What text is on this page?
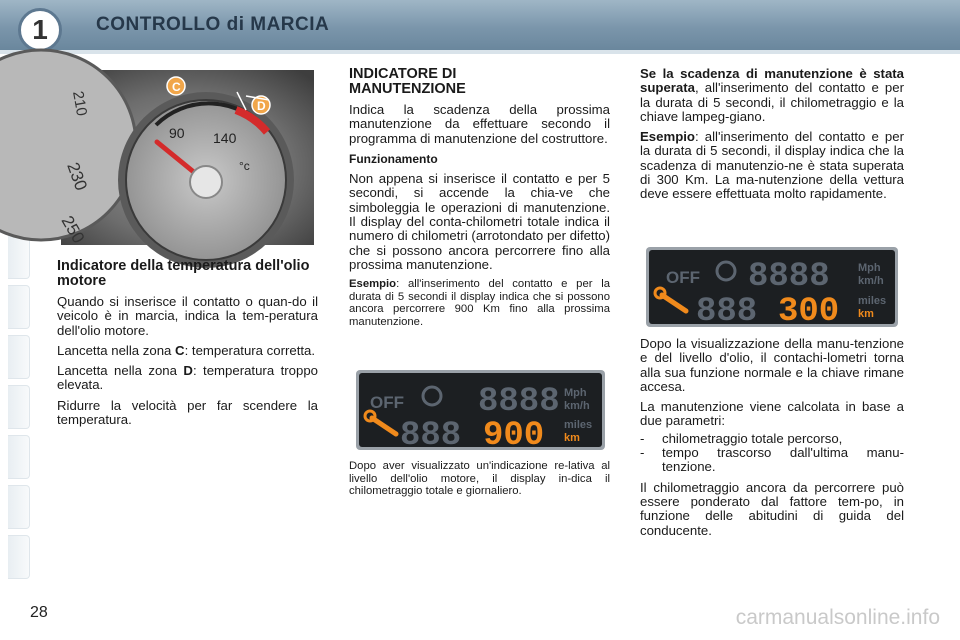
1	CONTROLLO di MARCIA
210
230
250
90 140
°c
C
D
Indicatore della temperatura dell'olio motore

Quando si inserisce il contatto o quan-do il veicolo è in marcia, indica la tem-peratura dell'olio motore.

Lancetta nella zona C: temperatura corretta.

Lancetta nella zona D: temperatura troppo elevata.

Ridurre la velocità per far scendere la temperatura.

INDICATORE DI MANUTENZIONE

Indica la scadenza della prossima manutenzione da effettuare secondo il programma di manutenzione del costruttore.

Funzionamento

Non appena si inserisce il contatto e per 5 secondi, si accende la chia-ve che simboleggia le operazioni di manutenzione. Il display del conta-chilometri totale indica il numero di chilometri (arrotondato per difetto) che si possono ancora percorrere fino alla prossima manutenzione.

Esempio: all'inserimento del contatto e per la durata di 5 secondi il display indica che si possono ancora percorrere 900 Km fino alla prossima manutenzione.

OFF 8888 Mph
km/h
888 900 miles
km

Dopo aver visualizzato un'indicazione re-lativa al livello dell'olio motore, il display in-dica il chilometraggio totale e giornaliero.

Se la scadenza di manutenzione è stata superata, all'inserimento del contatto e per la durata di 5 secondi, il chilometraggio e la chiave lampeg-giano.

Esempio: all'inserimento del contatto e per la durata di 5 secondi, il display indica che la scadenza di manutenzio-ne è stata superata di 300 Km. La ma-nutenzione della vettura deve essere effettuata molto rapidamente.

OFF 8888	Mph
km/h
888 300 miles
km

Dopo la visualizzazione della manu-tenzione e del livello d'olio, il contachi-lometri torna alla sua funzione normale e la chiave rimane accesa.

La manutenzione viene calcolata in base a due parametri:

- chilometraggio totale percorso,
- tempo trascorso dall'ultima manu-tenzione.

Il chilometraggio ancora da percorrere può essere ponderato dal fattore tem-po, in funzione delle abitudini di guida del conducente.

28	carmanualsonline.info
